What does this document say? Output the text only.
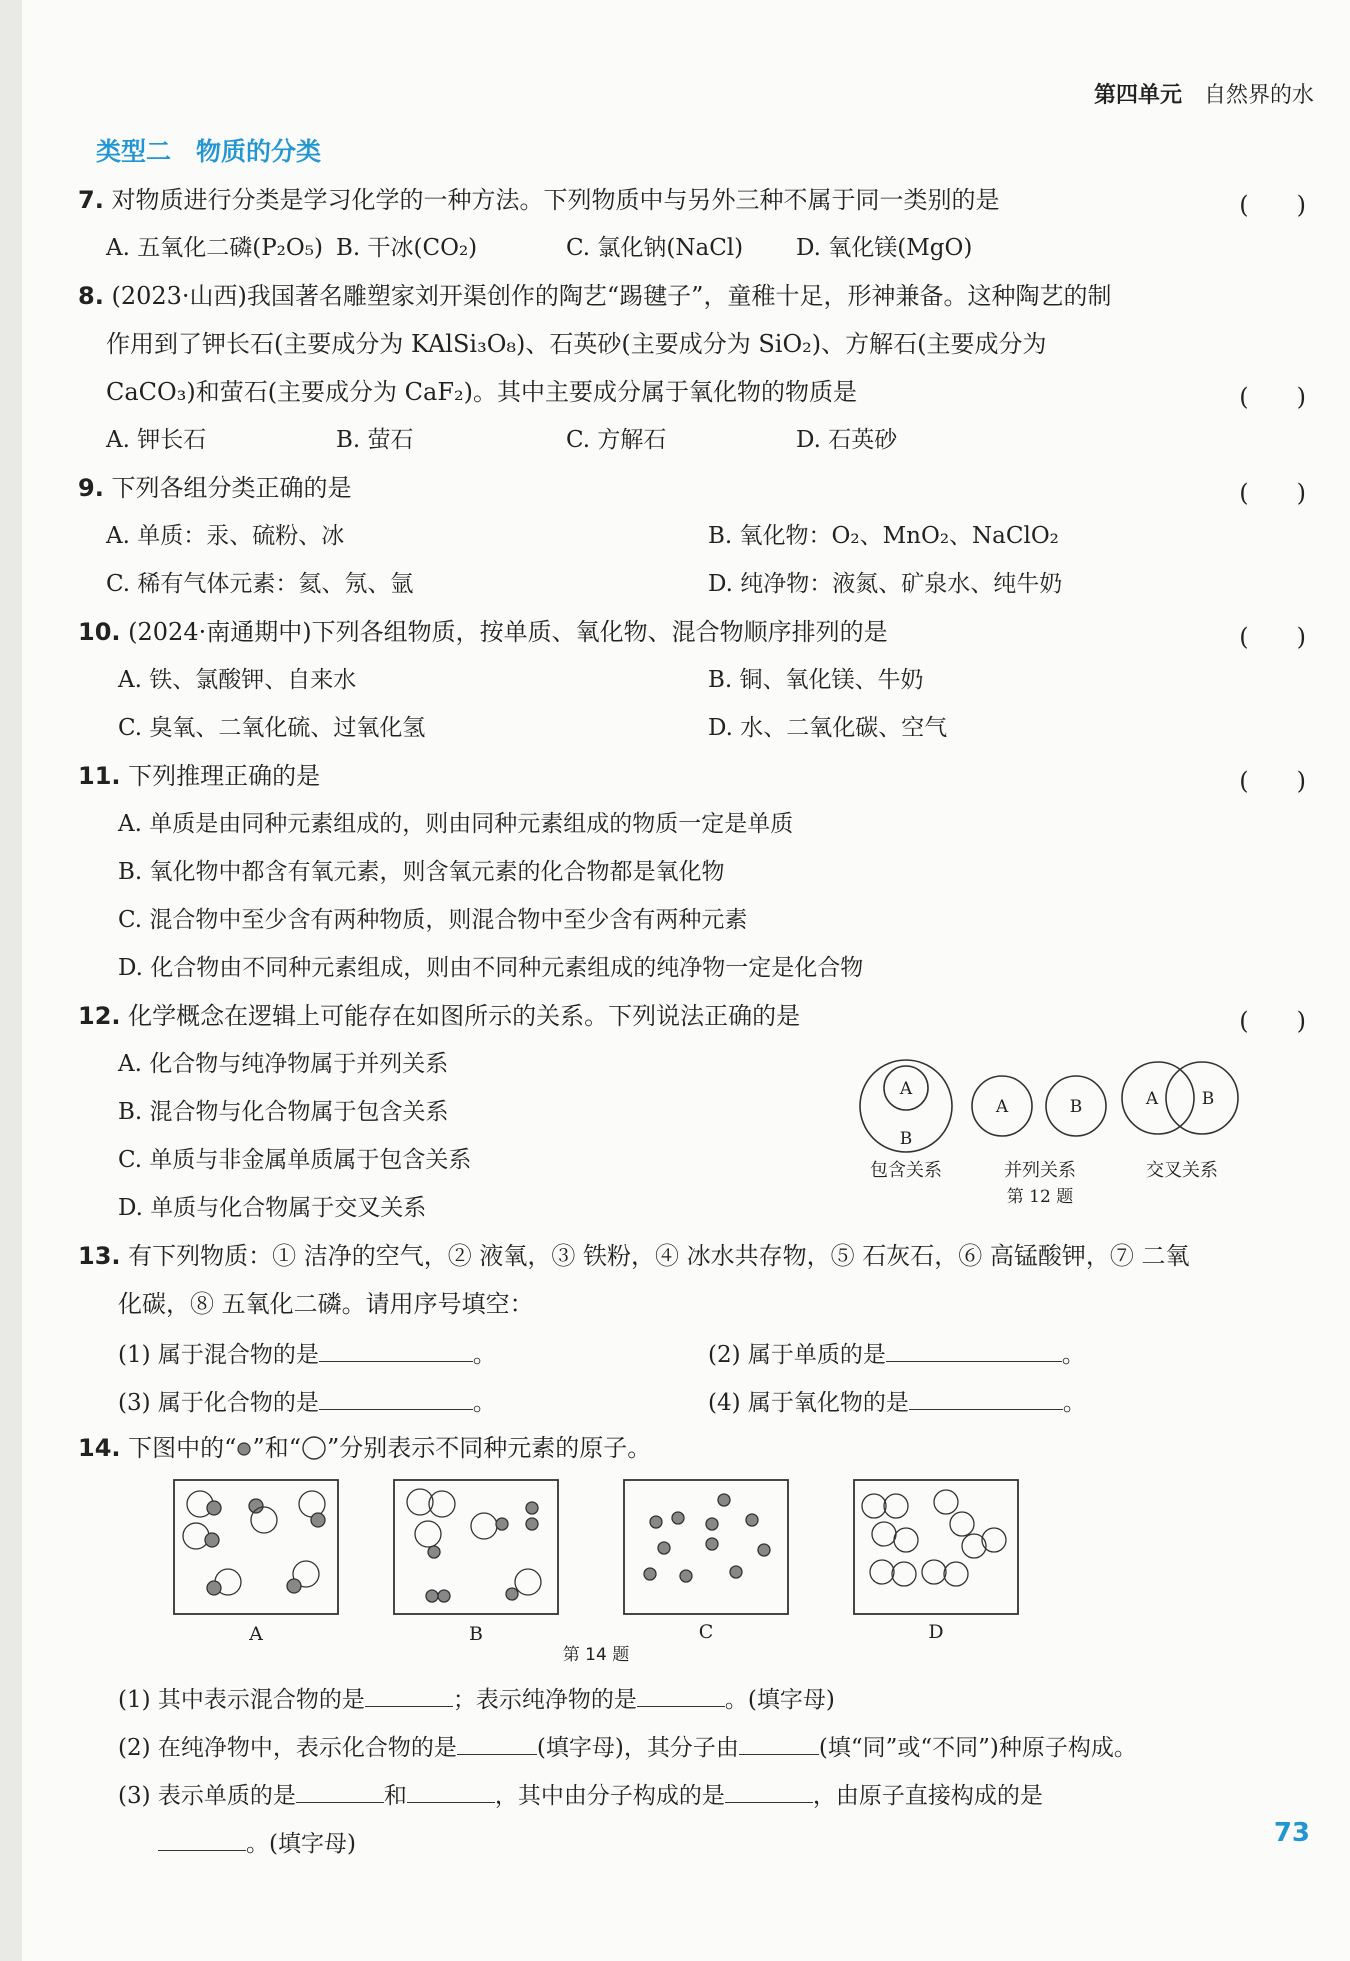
第四单元 自然界的水
类型二　物质的分类
7. 对物质进行分类是学习化学的一种方法。下列物质中与另外三种不属于同一类别的是	(　　)
A. 五氧化二磷(P₂O₅) B. 干冰(CO₂)	C. 氯化钠(NaCl) D. 氧化镁(MgO)
8. (2023·山西)我国著名雕塑家刘开渠创作的陶艺“踢毽子”，童稚十足，形神兼备。这种陶艺的制
作用到了钾长石(主要成分为 KAlSi₃O₈)、石英砂(主要成分为 SiO₂)、方解石(主要成分为
CaCO₃)和萤石(主要成分为 CaF₂)。其中主要成分属于氧化物的物质是	(　　)
A. 钾长石	B. 萤石	C. 方解石	D. 石英砂
9. 下列各组分类正确的是	(　　)
A. 单质：汞、硫粉、冰	B. 氧化物：O₂、MnO₂、NaClO₂
C. 稀有气体元素：氦、氖、氩	D. 纯净物：液氮、矿泉水、纯牛奶
10. (2024·南通期中)下列各组物质，按单质、氧化物、混合物顺序排列的是	(　　)
A. 铁、氯酸钾、自来水	B. 铜、氧化镁、牛奶
C. 臭氧、二氧化硫、过氧化氢	D. 水、二氧化碳、空气
11. 下列推理正确的是	(　　)
A. 单质是由同种元素组成的，则由同种元素组成的物质一定是单质
B. 氧化物中都含有氧元素，则含氧元素的化合物都是氧化物
C. 混合物中至少含有两种物质，则混合物中至少含有两种元素
D. 化合物由不同种元素组成，则由不同种元素组成的纯净物一定是化合物
12. 化学概念在逻辑上可能存在如图所示的关系。下列说法正确的是	(　　)
A. 化合物与纯净物属于并列关系
B. 混合物与化合物属于包含关系
C. 单质与非金属单质属于包含关系
D. 单质与化合物属于交叉关系
A
B
A	B	A	B
包含关系	并列关系	交叉关系
第 12 题
13. 有下列物质：① 洁净的空气，② 液氧，③ 铁粉，④ 冰水共存物，⑤ 石灰石，⑥ 高锰酸钾，⑦ 二氧
化碳，⑧ 五氧化二磷。请用序号填空：
(1) 属于混合物的是	。	(2) 属于单质的是	。
(3) 属于化合物的是	。	(4) 属于氧化物的是	。
14. 下图中的“ ”和“ ”分别表示不同种元素的原子。
A	B	C	D
第 14 题
(1) 其中表示混合物的是	；表示纯净物的是	。(填字母)
(2) 在纯净物中，表示化合物的是	(填字母)，其分子由	(填“同”或“不同”)种原子构成。
(3) 表示单质的是	和	，其中由分子构成的是	，由原子直接构成的是
。(填字母)	73
